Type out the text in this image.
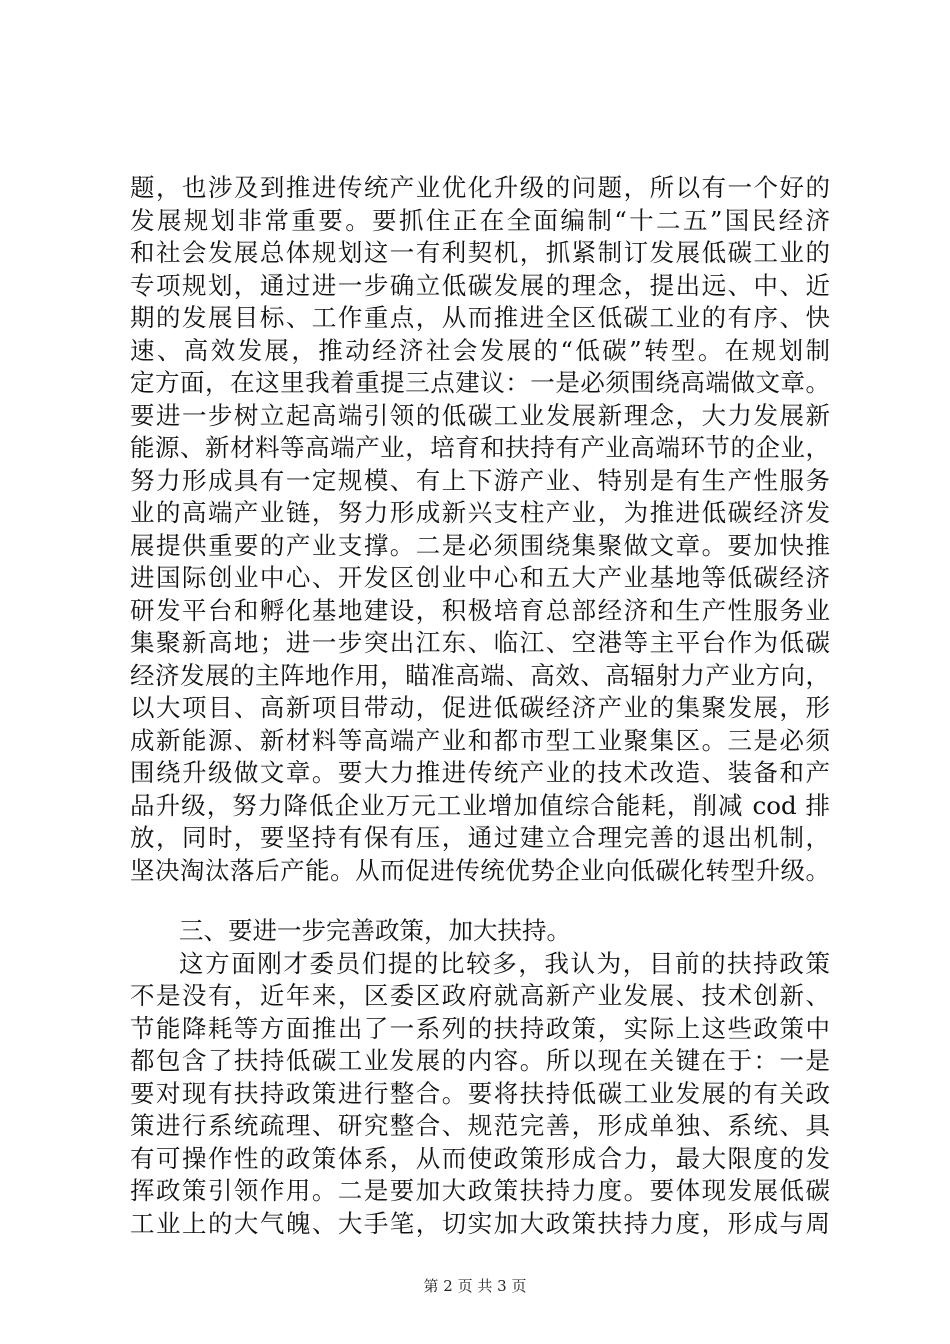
题，也涉及到推进传统产业优化升级的问题，所以有一个好的
发展规划非常重要。要抓住正在全面编制“十二五”国民经济
和社会发展总体规划这一有利契机，抓紧制订发展低碳工业的
专项规划，通过进一步确立低碳发展的理念，提出远、中、近
期的发展目标、工作重点，从而推进全区低碳工业的有序、快
速、高效发展，推动经济社会发展的“低碳”转型。在规划制
定方面，在这里我着重提三点建议：一是必须围绕高端做文章。
要进一步树立起高端引领的低碳工业发展新理念，大力发展新
能源、新材料等高端产业，培育和扶持有产业高端环节的企业，
努力形成具有一定规模、有上下游产业、特别是有生产性服务
业的高端产业链，努力形成新兴支柱产业，为推进低碳经济发
展提供重要的产业支撑。二是必须围绕集聚做文章。要加快推
进国际创业中心、开发区创业中心和五大产业基地等低碳经济
研发平台和孵化基地建设，积极培育总部经济和生产性服务业
集聚新高地；进一步突出江东、临江、空港等主平台作为低碳
经济发展的主阵地作用，瞄准高端、高效、高辐射力产业方向，
以大项目、高新项目带动，促进低碳经济产业的集聚发展，形
成新能源、新材料等高端产业和都市型工业聚集区。三是必须
围绕升级做文章。要大力推进传统产业的技术改造、装备和产
品升级，努力降低企业万元工业增加值综合能耗，削减 cod 排
放，同时，要坚持有保有压，通过建立合理完善的退出机制，
坚决淘汰落后产能。从而促进传统优势企业向低碳化转型升级。
三、要进一步完善政策，加大扶持。
这方面刚才委员们提的比较多，我认为，目前的扶持政策
不是没有，近年来，区委区政府就高新产业发展、技术创新、
节能降耗等方面推出了一系列的扶持政策，实际上这些政策中
都包含了扶持低碳工业发展的内容。所以现在关键在于：一是
要对现有扶持政策进行整合。要将扶持低碳工业发展的有关政
策进行系统疏理、研究整合、规范完善，形成单独、系统、具
有可操作性的政策体系，从而使政策形成合力，最大限度的发
挥政策引领作用。二是要加大政策扶持力度。要体现发展低碳
工业上的大气魄、大手笔，切实加大政策扶持力度，形成与周
第 2 页 共 3 页
